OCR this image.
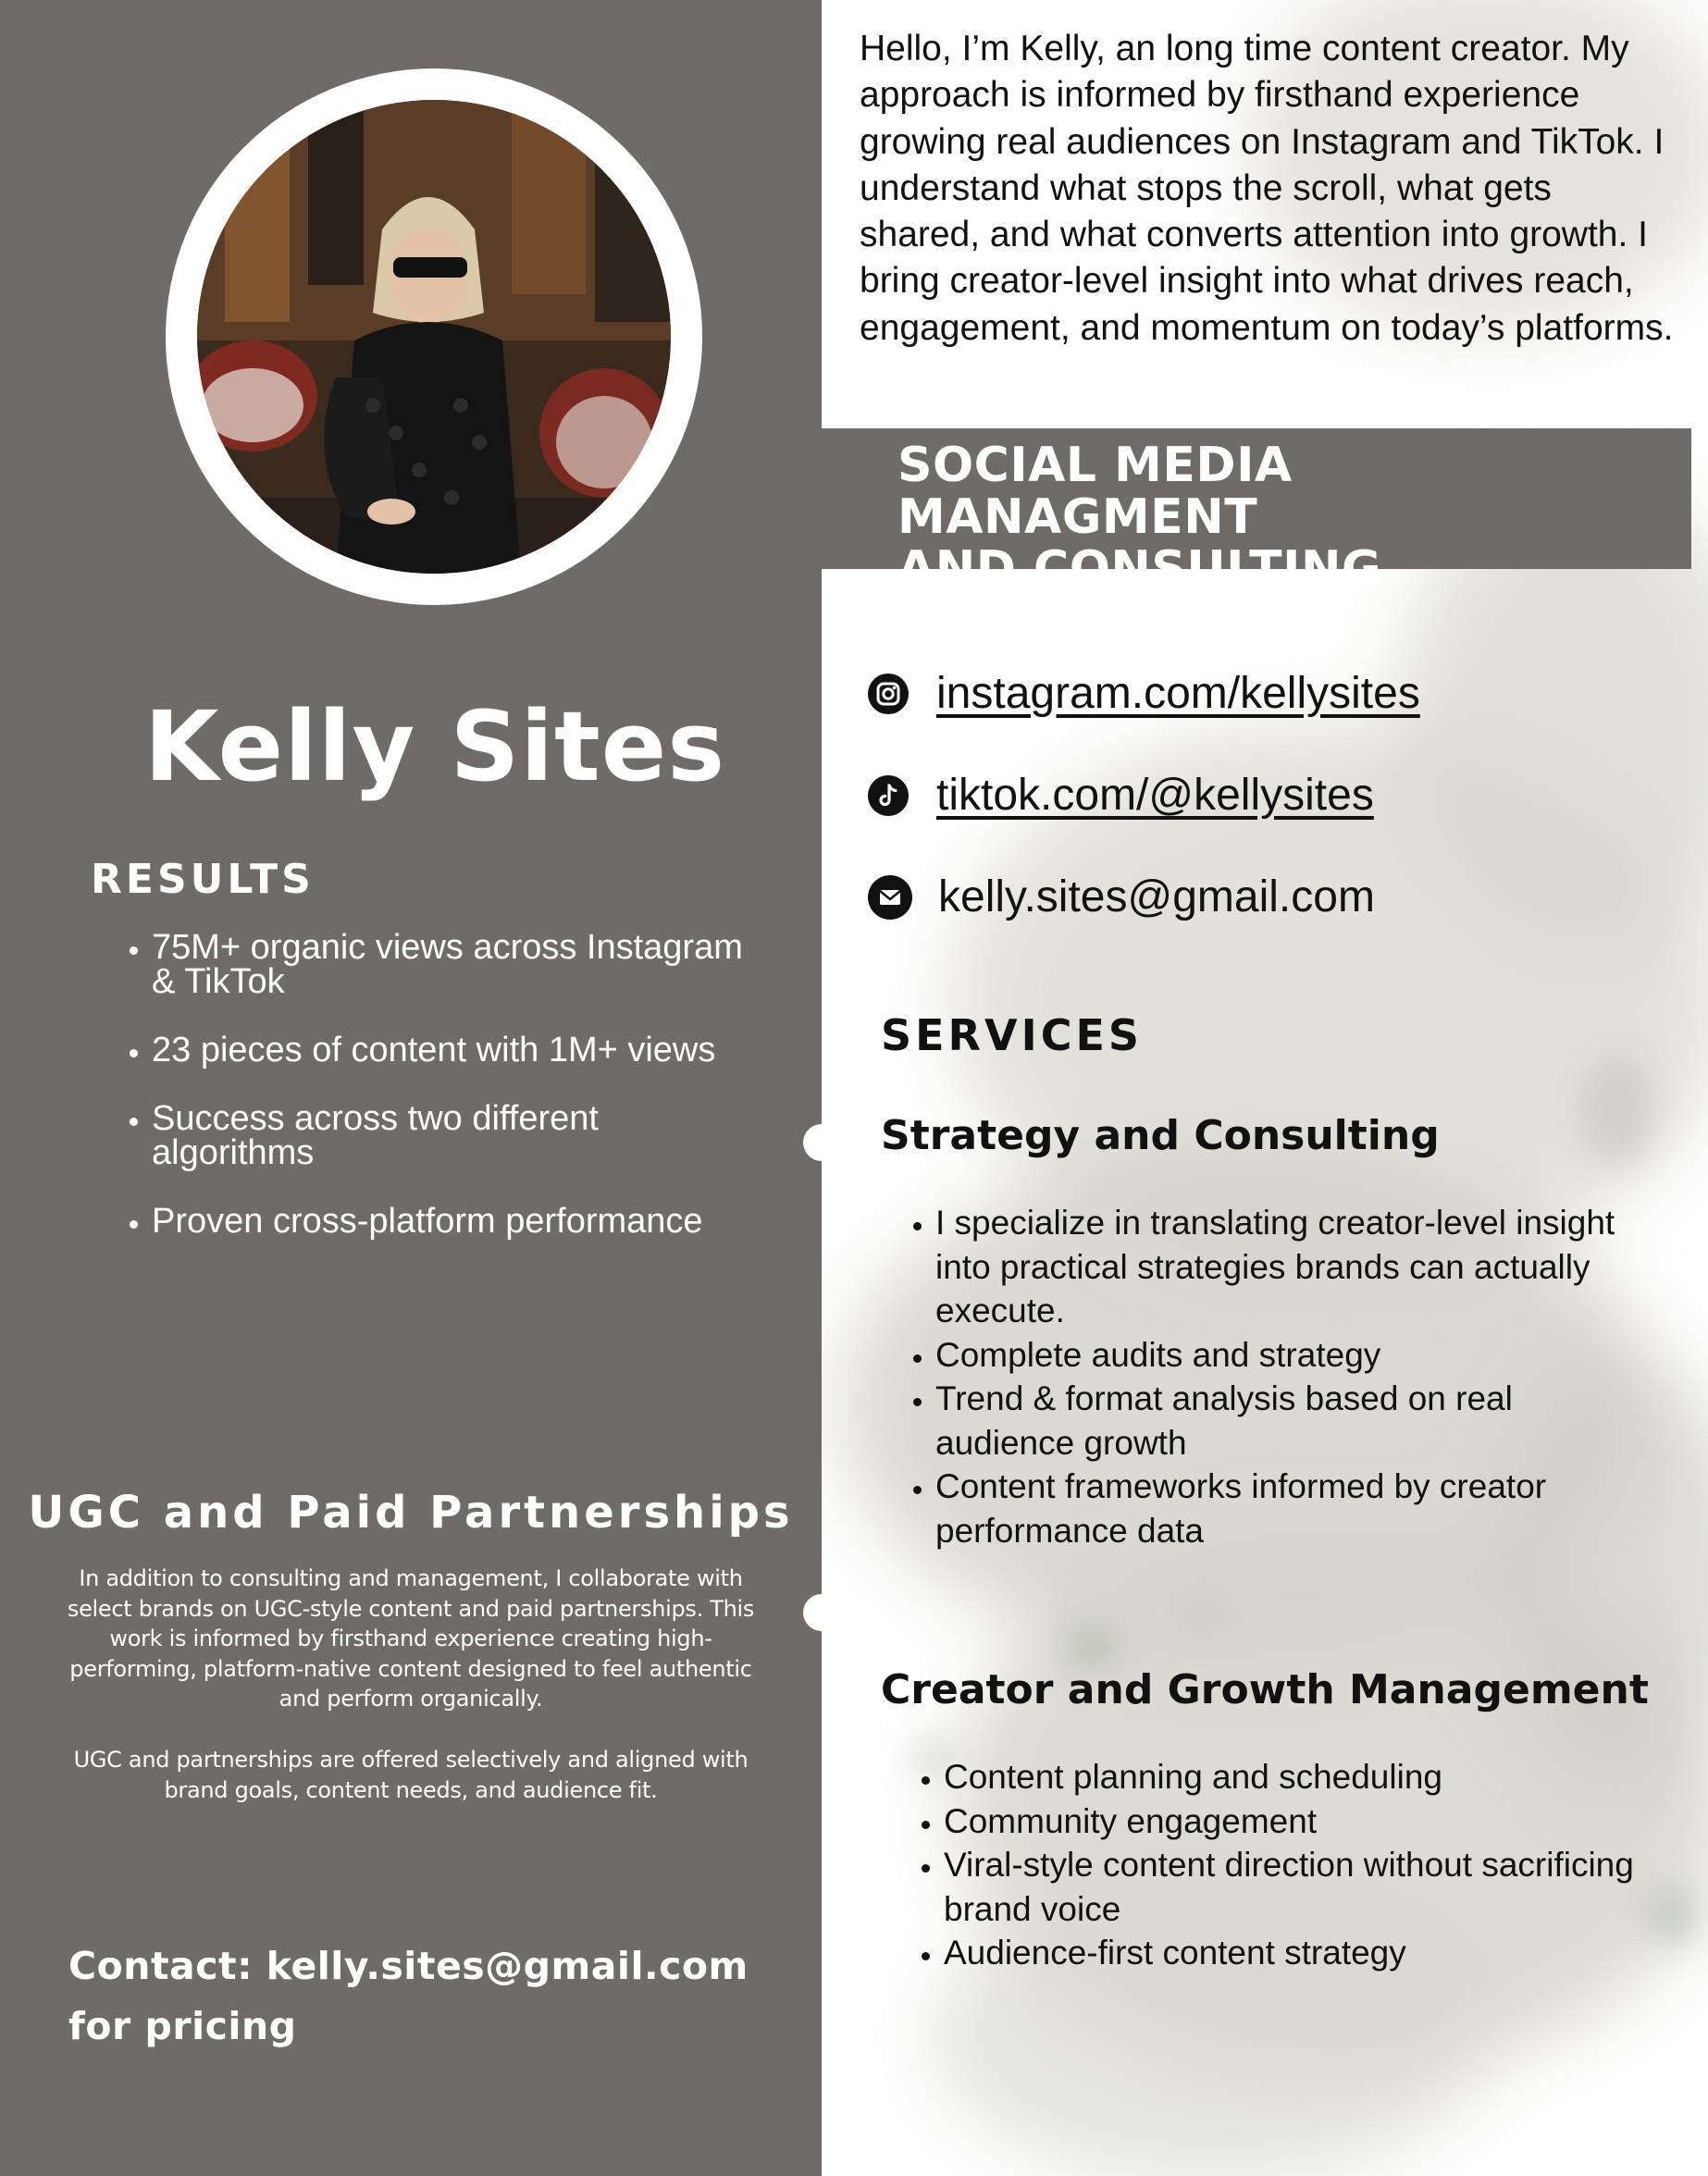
Kelly Sites
RESULTS
• 75M+ organic views across Instagram & TikTok
• 23 pieces of content with 1M+ views
• Success across two different algorithms
• Proven cross-platform performance
UGC and Paid Partnerships

In addition to consulting and management, I collaborate with select brands on UGC-style content and paid partnerships. This work is informed by firsthand experience creating high-performing, platform-native content designed to feel authentic and perform organically.

UGC and partnerships are offered selectively and aligned with brand goals, content needs, and audience fit.

Contact: kelly.sites@gmail.com

for pricing

Hello, I’m Kelly, an long time content creator. My approach is informed by firsthand experience growing real audiences on Instagram and TikTok. I understand what stops the scroll, what gets shared, and what converts attention into growth. I bring creator-level insight into what drives reach, engagement, and momentum on today’s platforms.

SOCIAL MEDIA MANAGMENT
AND CONSULTING
instagram.com/kellysites
tiktok.com/@kellysites
kelly.sites@gmail.com
SERVICES
Strategy and Consulting
• I specialize in translating creator-level insight into practical strategies brands can actually execute.
• Complete audits and strategy
• Trend & format analysis based on real audience growth
• Content frameworks informed by creator performance data
Creator and Growth Management
• Content planning and scheduling
• Community engagement
• Viral-style content direction without sacrificing brand voice
• Audience-first content strategy
